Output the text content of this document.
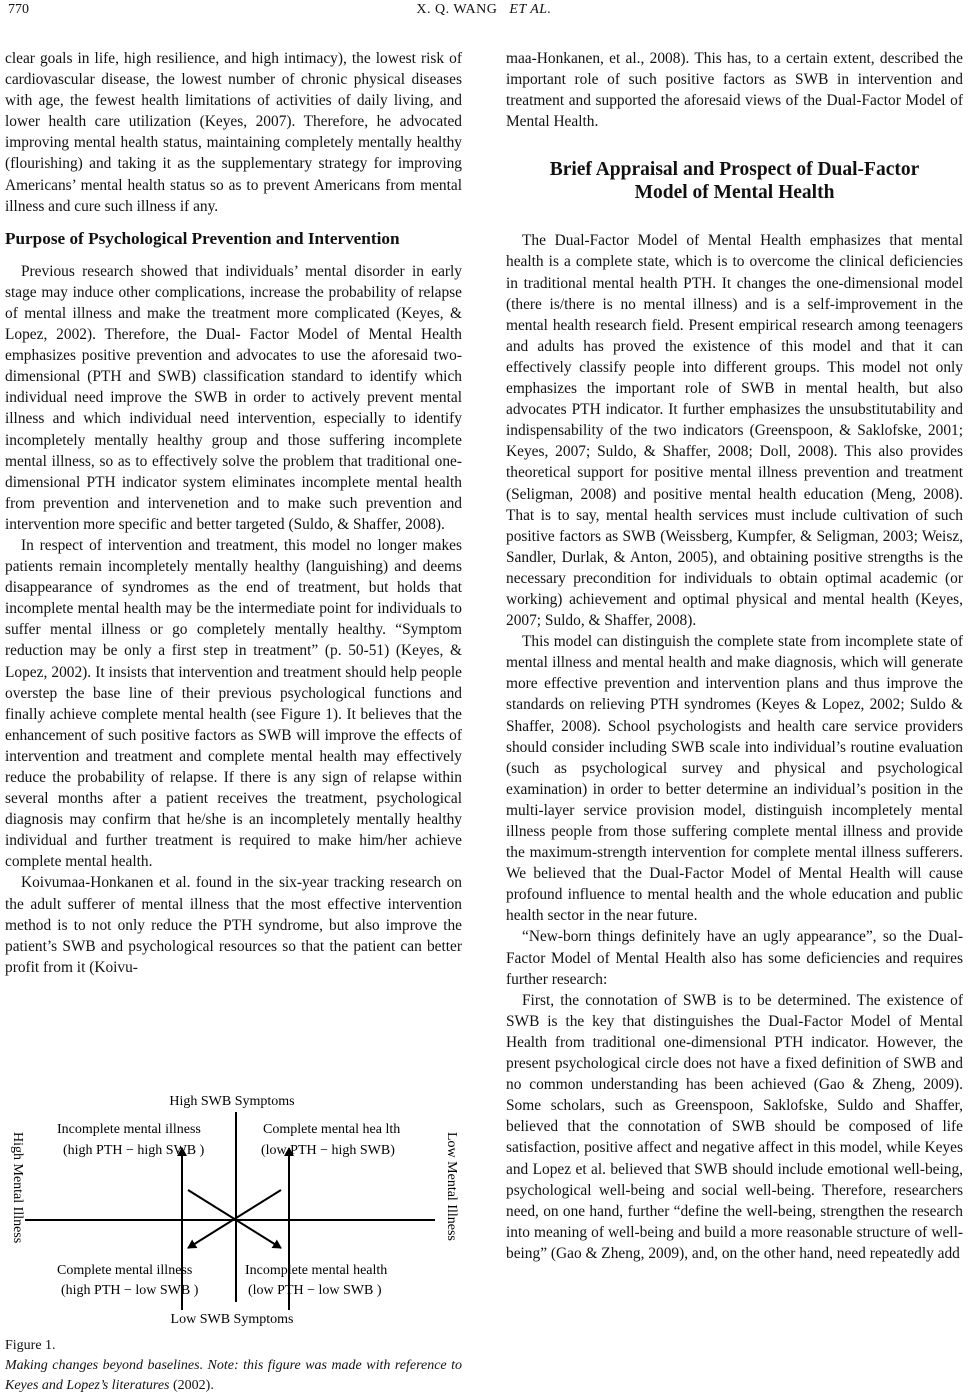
770	X. Q. WANG ET AL.

clear goals in life, high resilience, and high intimacy), the lowest risk of cardiovascular disease, the lowest number of chronic physical diseases with age, the fewest health limitations of activities of daily living, and lower health care utilization (Keyes, 2007). Therefore, he advocated improving mental health status, maintaining completely mentally healthy (flourishing) and taking it as the supplementary strategy for improving Americans’ mental health status so as to prevent Americans from mental illness and cure such illness if any.

Purpose of Psychological Prevention and Intervention

Previous research showed that individuals’ mental disorder in early stage may induce other complications, increase the probability of relapse of mental illness and make the treatment more complicated (Keyes, & Lopez, 2002). Therefore, the Dual- Factor Model of Mental Health emphasizes positive prevention and advocates to use the aforesaid two-dimensional (PTH and SWB) classification standard to identify which individual need improve the SWB in order to actively prevent mental illness and which individual need intervention, especially to identify incompletely mentally healthy group and those suffering incomplete mental illness, so as to effectively solve the problem that traditional one-dimensional PTH indicator system eliminates incomplete mental health from prevention and intervenetion and to make such prevention and intervention more specific and better targeted (Suldo, & Shaffer, 2008).

In respect of intervention and treatment, this model no longer makes patients remain incompletely mentally healthy (languishing) and deems disappearance of syndromes as the end of treatment, but holds that incomplete mental health may be the intermediate point for individuals to suffer mental illness or go completely mentally healthy. “Symptom reduction may be only a first step in treatment” (p. 50-51) (Keyes, & Lopez, 2002). It insists that intervention and treatment should help people overstep the base line of their previous psychological functions and finally achieve complete mental health (see Figure 1). It believes that the enhancement of such positive factors as SWB will improve the effects of intervention and treatment and complete mental health may effectively reduce the probability of relapse. If there is any sign of relapse within several months after a patient receives the treatment, psychological diagnosis may confirm that he/she is an incompletely mentally healthy individual and further treatment is required to make him/her achieve complete mental health.

Koivumaa-Honkanen et al. found in the six-year tracking research on the adult sufferer of mental illness that the most effective intervention method is to not only reduce the PTH syndrome, but also improve the patient’s SWB and psychological resources so that the patient can better profit from it (Koivu-

maa-Honkanen, et al., 2008). This has, to a certain extent, described the important role of such positive factors as SWB in intervention and treatment and supported the aforesaid views of the Dual-Factor Model of Mental Health.

Brief Appraisal and Prospect of Dual-Factor
Model of Mental Health

The Dual-Factor Model of Mental Health emphasizes that mental health is a complete state, which is to overcome the clinical deficiencies in traditional mental health PTH. It changes the one-dimensional model (there is/there is no mental illness) and is a self-improvement in the mental health research field. Present empirical research among teenagers and adults has proved the existence of this model and that it can effectively classify people into different groups. This model not only emphasizes the important role of SWB in mental health, but also advocates PTH indicator. It further emphasizes the unsubstitutability and indispensability of the two indicators (Greenspoon, & Saklofske, 2001; Keyes, 2007; Suldo, & Shaffer, 2008; Doll, 2008). This also provides theoretical support for positive mental illness prevention and treatment (Seligman, 2008) and positive mental health education (Meng, 2008). That is to say, mental health services must include cultivation of such positive factors as SWB (Weissberg, Kumpfer, & Seligman, 2003; Weisz, Sandler, Durlak, & Anton, 2005), and obtaining positive strengths is the necessary precondition for individuals to obtain optimal academic (or working) achievement and optimal physical and mental health (Keyes, 2007; Suldo, & Shaffer, 2008).

This model can distinguish the complete state from incomplete state of mental illness and mental health and make diagnosis, which will generate more effective prevention and intervention plans and thus improve the standards on relieving PTH syndromes (Keyes & Lopez, 2002; Suldo & Shaffer, 2008). School psychologists and health care service providers should consider including SWB scale into individual’s routine evaluation (such as psychological survey and physical and psychological examination) in order to better determine an individual’s position in the multi-layer service provision model, distinguish incompletely mental illness people from those suffering complete mental illness and provide the maximum-strength intervention for complete mental illness sufferers. We believed that the Dual-Factor Model of Mental Health will cause profound influence to mental health and the whole education and public health sector in the near future.

“New-born things definitely have an ugly appearance”, so the Dual-Factor Model of Mental Health also has some deficiencies and requires further research:

First, the connotation of SWB is to be determined. The existence of SWB is the key that distinguishes the Dual-Factor Model of Mental Health from traditional one-dimensional PTH indicator. However, the present psychological circle does not have a fixed definition of SWB and no common understanding has been achieved (Gao & Zheng, 2009). Some scholars, such as Greenspoon, Saklofske, Suldo and Shaffer, believed that the connotation of SWB should be composed of life satisfaction, positive affect and negative affect in this model, while Keyes and Lopez et al. believed that SWB should include emotional well-being, psychological well-being and social well-being. Therefore, researchers need, on one hand, further “define the well-being, strengthen the research into meaning of well-being and build a more reasonable structure of well-being” (Gao & Zheng, 2009), and, on the other hand, need repeatedly add

High SWB Symptoms
Low SWB Symptoms
High Mental Illness	Low Mental Illness
Incomplete mental illness
(high PTH − high SWB )
Complete mental hea lth
(low PTH − high SWB)
Complete mental illness
(high PTH − low SWB )
Incomplete mental health
(low PTH − low SWB )
Figure 1.
Making changes beyond baselines. Note: this figure was made with reference to Keyes and Lopez’s literatures (2002).
